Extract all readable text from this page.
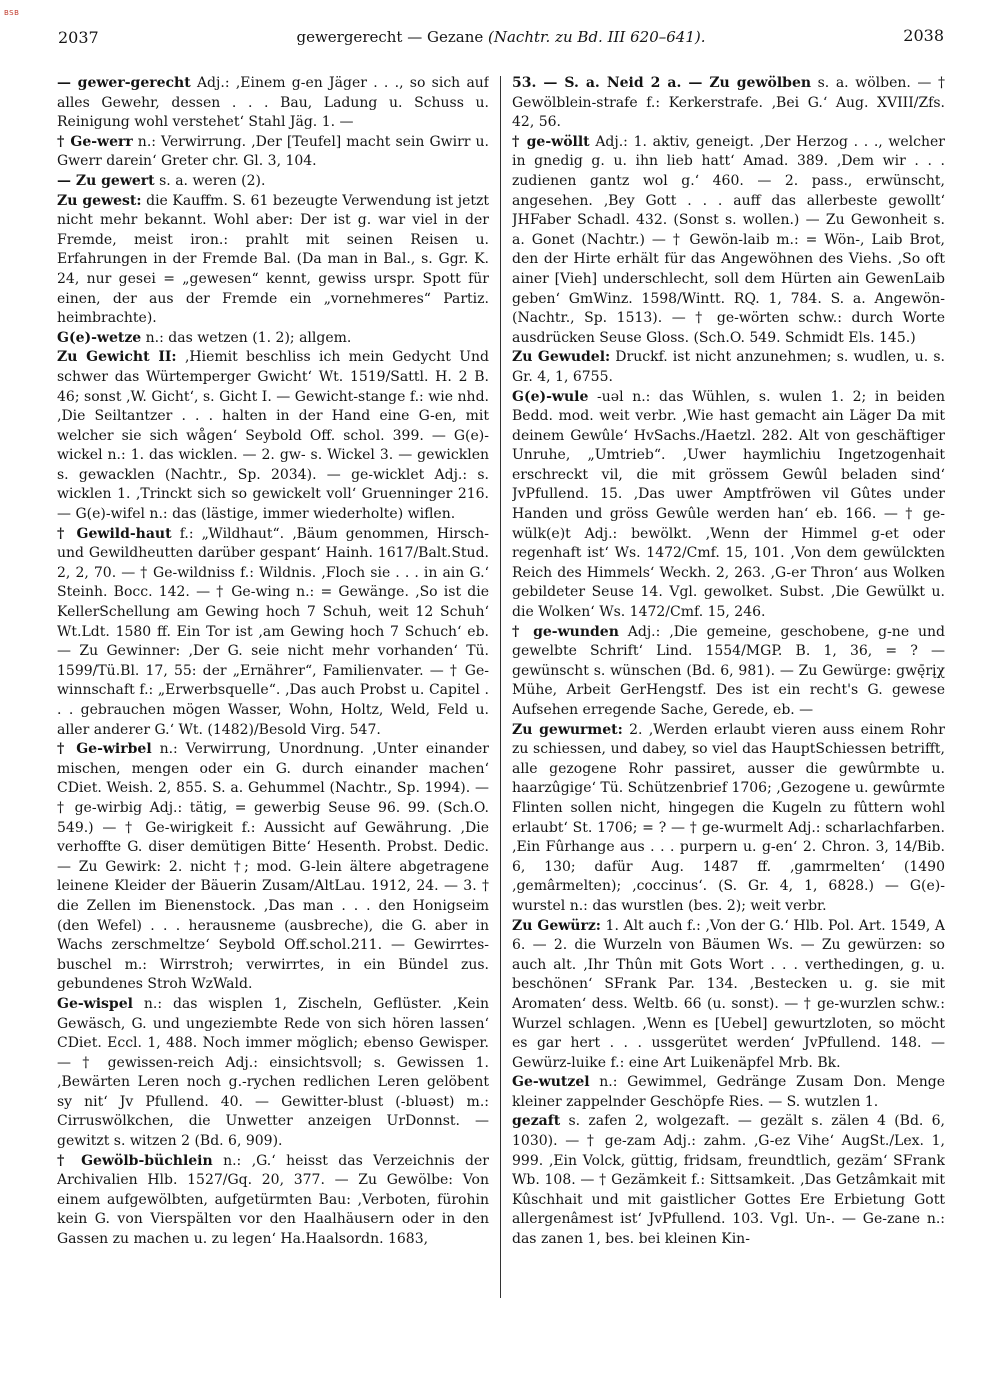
BSB
2037	gewergerecht — Gezane (Nachtr. zu Bd. III 620–641).	2038

— gewer-gerecht Adj.: ‚Einem g-en Jäger . . ., so sich auf alles Gewehr, dessen . . . Bau, Ladung u. Schuss u. Reinigung wohl verstehet‘ Stahl Jäg. 1. —

† Ge-werr n.: Verwirrung. ‚Der [Teufel] macht sein Gwirr u. Gwerr darein‘ Greter chr. Gl. 3, 104.

— Zu gewert s. a. weren (2).

Zu gewest: die Kauffm. S. 61 bezeugte Verwendung ist jetzt nicht mehr bekannt. Wohl aber: Der ist g. war viel in der Fremde, meist iron.: prahlt mit seinen Reisen u. Erfahrungen in der Fremde Bal. (Da man in Bal., s. Ggr. K. 24, nur gesei = „gewesen“ kennt, gewiss urspr. Spott für einen, der aus der Fremde ein „vornehmeres“ Partiz. heimbrachte).

G(e)-wetze n.: das wetzen (1. 2); allgem.

Zu Gewicht II: ‚Hiemit beschliss ich mein Gedycht Und schwer das Würtemperger Gwicht‘ Wt. 1519/Sattl. H. 2 B. 46; sonst ‚W. Gicht‘, s. Gicht I. — Gewicht-stange f.: wie nhd. ‚Die Seiltantzer . . . halten in der Hand eine G-en, mit welcher sie sich wågen‘ Seybold Off. schol. 399. — G(e)-wickel n.: 1. das wicklen. — 2. gw- s. Wickel 3. — gewicklen s. gewacklen (Nachtr., Sp. 2034). — ge-wicklet Adj.: s. wicklen 1. ‚Trinckt sich so gewickelt voll‘ Gruenninger 216. — G(e)-wifel n.: das (lästige, immer wiederholte) wiflen.

† Gewild-haut f.: „Wildhaut“. ‚Bäum genommen, Hirsch- und Gewildheutten darüber gespant‘ Hainh. 1617/Balt.Stud. 2, 2, 70. — † Ge-wildniss f.: Wildnis. ‚Floch sie . . . in ain G.‘ Steinh. Bocc. 142. — † Ge-wing n.: = Gewänge. ‚So ist die KellerSchellung am Gewing hoch 7 Schuh, weit 12 Schuh‘ Wt.Ldt. 1580 ff. Ein Tor ist ‚am Gewing hoch 7 Schuch‘ eb. — Zu Gewinner: ‚Der G. seie nicht mehr vorhanden‘ Tü. 1599/Tü.Bl. 17, 55: der „Ernährer“, Familienvater. — † Ge-winnschaft f.: „Erwerbsquelle“. ‚Das auch Probst u. Capitel . . . gebrauchen mögen Wasser, Wohn, Holtz, Weld, Feld u. aller anderer G.‘ Wt. (1482)/Besold Virg. 547.

† Ge-wirbel n.: Verwirrung, Unordnung. ‚Unter einander mischen, mengen oder ein G. durch einander machen‘ CDiet. Weish. 2, 855. S. a. Gehummel (Nachtr., Sp. 1994). — † ge-wirbig Adj.: tätig, = gewerbig Seuse 96. 99. (Sch.O. 549.) — † Ge-wirigkeit f.: Aussicht auf Gewährung. ‚Die verhoffte G. diser demütigen Bitte‘ Hesenth. Probst. Dedic. — Zu Gewirk: 2. nicht †; mod. G-lein ältere abgetragene leinene Kleider der Bäuerin Zusam/AltLau. 1912, 24. — 3. † die Zellen im Bienenstock. ‚Das man . . . den Honigseim (den Wefel) . . . herausneme (ausbreche), die G. aber in Wachs zerschmeltze‘ Seybold Off.schol.211. — Gewirrtes-buschel m.: Wirrstroh; verwirrtes, in ein Bündel zus. gebundenes Stroh WzWald.

Ge-wispel n.: das wisplen 1, Zischeln, Geflüster. ‚Kein Gewäsch, G. und ungeziembte Rede von sich hören lassen‘ CDiet. Eccl. 1, 488. Noch immer möglich; ebenso Gewisper. — † gewissen-reich Adj.: einsichtsvoll; s. Gewissen 1. ‚Bewärten Leren noch g.-rychen redlichen Leren gelöbent sy nit‘ Jv Pfullend. 40. — Gewitter-blust (-bluəst) m.: Cirruswölkchen, die Unwetter anzeigen UrDonnst. — gewitzt s. witzen 2 (Bd. 6, 909).

† Gewölb-büchlein n.: ‚G.‘ heisst das Verzeichnis der Archivalien Hlb. 1527/Gq. 20, 377. — Zu Gewölbe: Von einem aufgewölbten, aufgetürmten Bau: ‚Verboten, fürohin kein G. von Vierspälten vor den Haalhäusern oder in den Gassen zu machen u. zu legen‘ Ha.Haalsordn. 1683,

53. — S. a. Neid 2 a. — Zu gewölben s. a. wölben. — † Gewölblein-strafe f.: Kerkerstrafe. ‚Bei G.‘ Aug. XVIII/Zfs. 42, 56.

† ge-wöllt Adj.: 1. aktiv, geneigt. ‚Der Herzog . . ., welcher in gnedig g. u. ihn lieb hatt‘ Amad. 389. ‚Dem wir . . . zudienen gantz wol g.‘ 460. — 2. pass., erwünscht, angesehen. ‚Bey Gott . . . auff das allerbeste gewollt‘ JHFaber Schadl. 432. (Sonst s. wollen.) — Zu Gewonheit s. a. Gonet (Nachtr.) — † Gewön-laib m.: = Wön-, Laib Brot, den der Hirte erhält für das Angewöhnen des Viehs. ‚So oft ainer [Vieh] underschlecht, soll dem Hürten ain GewenLaib geben‘ GmWinz. 1598/Wintt. RQ. 1, 784. S. a. Angewön- (Nachtr., Sp. 1513). — † ge-wörten schw.: durch Worte ausdrücken Seuse Gloss. (Sch.O. 549. Schmidt Els. 145.)

Zu Gewudel: Druckf. ist nicht anzunehmen; s. wudlen, u. s. Gr. 4, 1, 6755.

G(e)-wule -uəl n.: das Wühlen, s. wulen 1. 2; in beiden Bedd. mod. weit verbr. ‚Wie hast gemacht ain Läger Da mit deinem Gewûle‘ HvSachs./Haetzl. 282. Alt von geschäftiger Unruhe, „Umtrieb“. ‚Uwer haymlichiu Ingetzogenhait erschreckt vil, die mit grössem Gewûl beladen sind‘ JvPfullend. 15. ‚Das uwer Amptfröwen vil Gûtes under Handen und gröss Gewûle werden han‘ eb. 166. — † ge-wülk(e)t Adj.: bewölkt. ‚Wenn der Himmel g-et oder regenhaft ist‘ Ws. 1472/Cmf. 15, 101. ‚Von dem gewülckten Reich des Himmels‘ Weckh. 2, 263. ‚G-er Thron‘ aus Wolken gebildeter Seuse 14. Vgl. gewolket. Subst. ‚Die Gewülkt u. die Wolken‘ Ws. 1472/Cmf. 15, 246.

† ge-wunden Adj.: ‚Die gemeine, geschobene, g-ne und gewelbte Schrift‘ Lind. 1554/MGP. B. 1, 36, = ? — gewünscht s. wünschen (Bd. 6, 981). — Zu Gewürge: gwę̄rįχ Mühe, Arbeit GerHengstf. Des ist ein recht's G. gewese Aufsehen erregende Sache, Gerede, eb. —

Zu gewurmet: 2. ‚Werden erlaubt vieren auss einem Rohr zu schiessen, und dabey, so viel das HauptSchiessen betrifft, alle gezogene Rohr passiret, ausser die gewûrmbte u. haarzûgige‘ Tü. Schützenbrief 1706; ‚Gezogene u. gewûrmte Flinten sollen nicht, hingegen die Kugeln zu fûttern wohl erlaubt‘ St. 1706; = ? — † ge-wurmelt Adj.: scharlachfarben. ‚Ein Fûrhange aus . . . purpern u. g-en‘ 2. Chron. 3, 14/Bib. 6, 130; dafür Aug. 1487 ff. ‚gamrmelten‘ (1490 ‚gemârmelten); ‚coccinus‘. (S. Gr. 4, 1, 6828.) — G(e)-wurstel n.: das wurstlen (bes. 2); weit verbr.

Zu Gewürz: 1. Alt auch f.: ‚Von der G.‘ Hlb. Pol. Art. 1549, A 6. — 2. die Wurzeln von Bäumen Ws. — Zu gewürzen: so auch alt. ‚Ihr Thûn mit Gots Wort . . . verthedingen, g. u. beschönen‘ SFrank Par. 134. ‚Bestecken u. g. sie mit Aromaten‘ dess. Weltb. 66 (u. sonst). — † ge-wurzlen schw.: Wurzel schlagen. ‚Wenn es [Uebel] gewurtzloten, so möcht es gar hert . . . ussgerütet werden‘ JvPfullend. 148. — Gewürz-luike f.: eine Art Luikenäpfel Mrb. Bk.

Ge-wutzel n.: Gewimmel, Gedränge Zusam Don. Menge kleiner zappelnder Geschöpfe Ries. — S. wutzlen 1.

gezaft s. zafen 2, wolgezaft. — gezält s. zälen 4 (Bd. 6, 1030). — † ge-zam Adj.: zahm. ‚G-ez Vihe‘ AugSt./Lex. 1, 999. ‚Ein Volck, güttig, fridsam, freundtlich, gezäm‘ SFrank Wb. 108. — † Gezämkeit f.: Sittsamkeit. ‚Das Getzâmkait mit Kûschhait und mit gaistlicher Gottes Ere Erbietung Gott allergenâmest ist‘ JvPfullend. 103. Vgl. Un-. — Ge-zane n.: das zanen 1, bes. bei kleinen Kin-
